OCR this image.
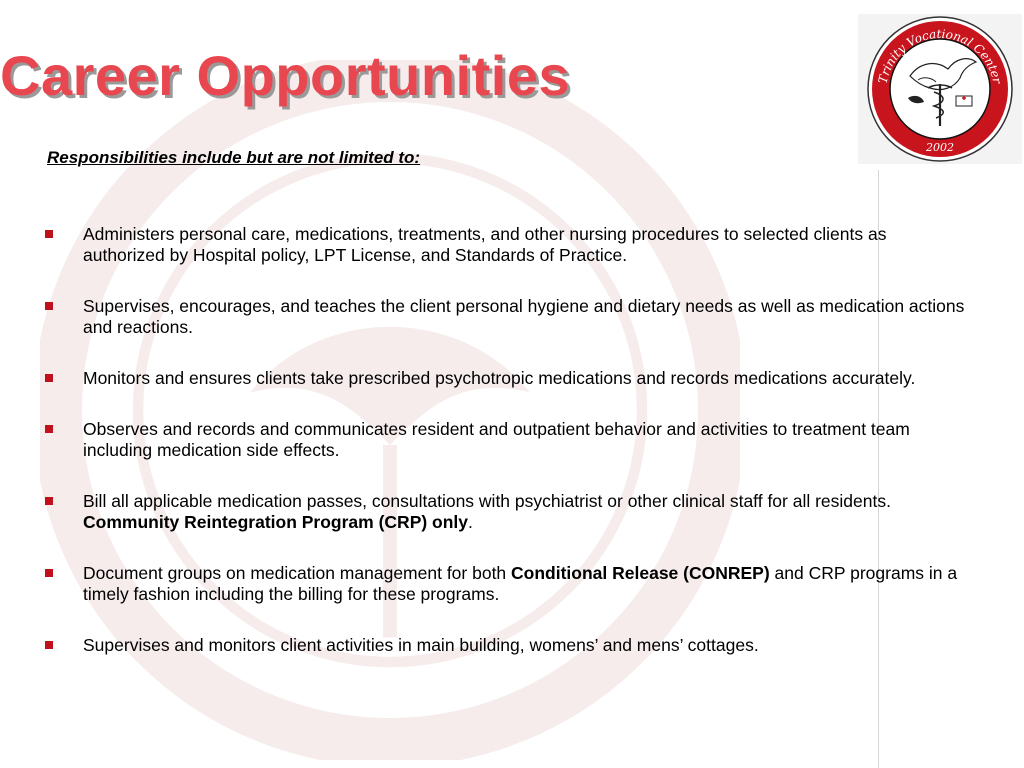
Career Opportunities	Trinity Vocational Center
2002

Responsibilities include but are not limited to:

Administers personal care, medications, treatments, and other nursing procedures to selected clients as authorized by Hospital policy, LPT License, and Standards of Practice.
Supervises, encourages, and teaches the client personal hygiene and dietary needs as well as medication actions and reactions.
Monitors and ensures clients take prescribed psychotropic medications and records medications accurately.
Observes and records and communicates resident and outpatient behavior and activities to treatment team including medication side effects.
Bill all applicable medication passes, consultations with psychiatrist or other clinical staff for all residents. Community Reintegration Program (CRP) only.
Document groups on medication management for both Conditional Release (CONREP) and CRP programs in a timely fashion including the billing for these programs.
Supervises and monitors client activities in main building, womens’ and mens’ cottages.
